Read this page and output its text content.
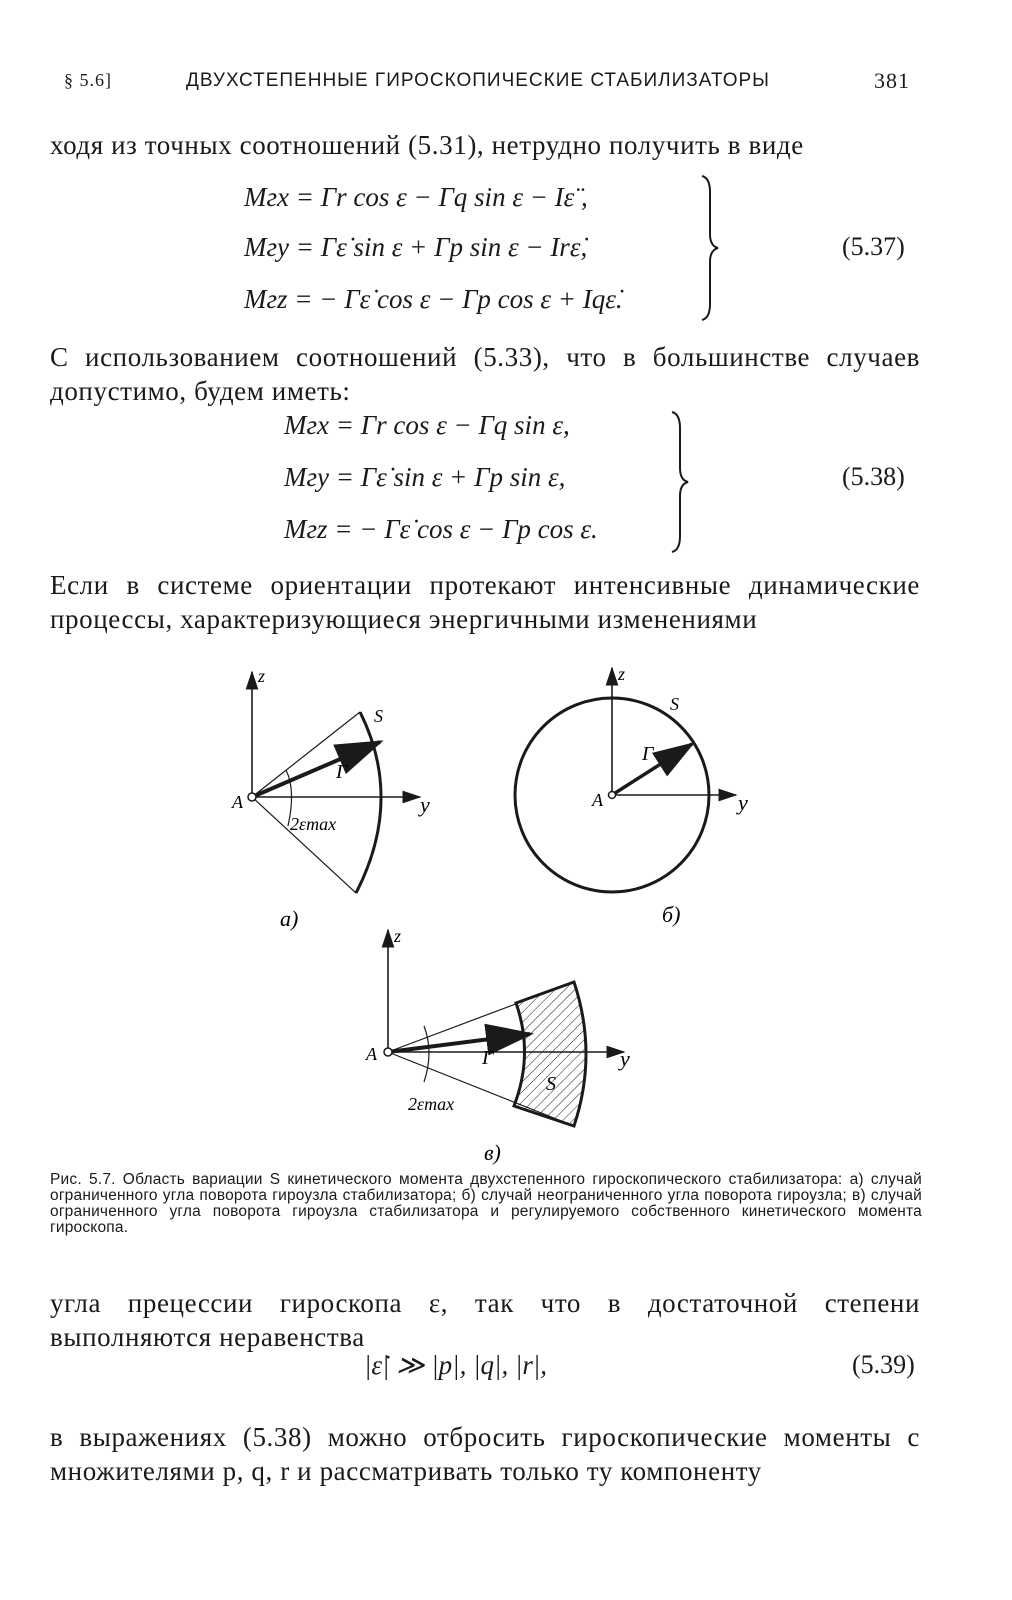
§ 5.6]	ДВУХСТЕПЕННЫЕ ГИРОСКОПИЧЕСКИЕ СТАБИЛИЗАТОРЫ	381
ходя из точных соотношений (5.31), нетрудно получить в виде
Mгx = Γr cos ε − Γq sin ε − Iε̈ ,
Mгy = Γε̇ sin ε + Γp sin ε − Irε̇,
Mгz = − Γε̇ cos ε − Γp cos ε + Iqε̇.
(5.37)
С использованием соотношений (5.33), что в большинстве случаев допустимо, будем иметь:
Mгx = Γr cos ε − Γq sin ε,
Mгy = Γε̇ sin ε + Γp sin ε,
Mгz = − Γε̇ cos ε − Γp cos ε.
(5.38)
Если в системе ориентации протекают интенсивные динамические процессы, характеризующиеся энергичными изменениями
z
y
A
S
Γ
2εmax
z
y
A
S
Γ
а)	б)
z
y
A
S
Γ
2εmax
в)
Рис. 5.7. Область вариации S кинетического момента двухстепенного гироскопического стабилизатора: а) случай ограниченного угла поворота гироузла стабилизатора; б) случай неограниченного угла поворота гироузла; в) случай ограниченного угла поворота гироузла стабилизатора и регулируемого собственного кинетического момента гироскопа.
угла прецессии гироскопа ε, так что в достаточной степени выполняются неравенства
|ε̇| ≫ |p|, |q|, |r|,	(5.39)
в выражениях (5.38) можно отбросить гироскопические моменты с множителями p, q, r и рассматривать только ту компоненту
